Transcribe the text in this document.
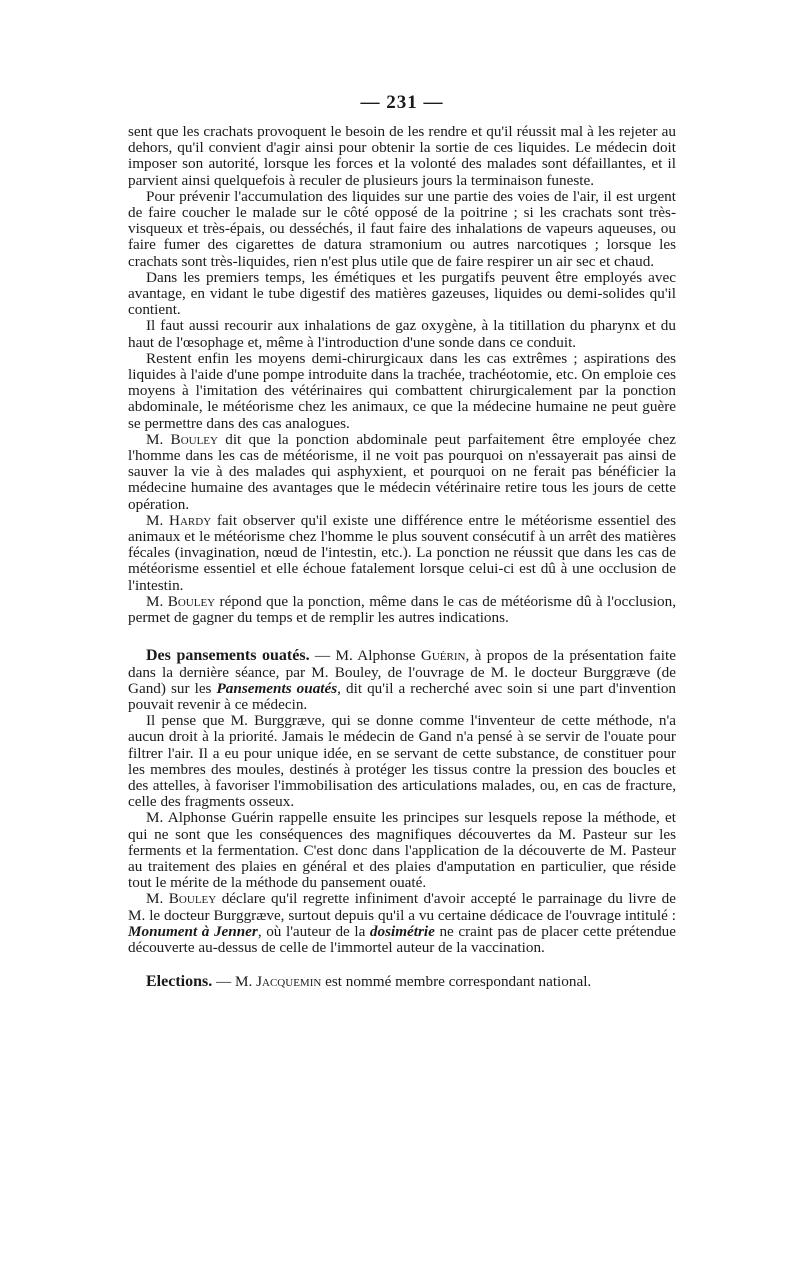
— 231 —

sent que les crachats provoquent le besoin de les rendre et qu'il réussit mal à les rejeter au dehors, qu'il convient d'agir ainsi pour obtenir la sortie de ces liquides. Le médecin doit imposer son autorité, lorsque les forces et la volonté des malades sont défaillantes, et il parvient ainsi quelquefois à reculer de plusieurs jours la terminaison funeste.

Pour prévenir l'accumulation des liquides sur une partie des voies de l'air, il est urgent de faire coucher le malade sur le côté opposé de la poitrine ; si les crachats sont très-visqueux et très-épais, ou desséchés, il faut faire des inhalations de vapeurs aqueuses, ou faire fumer des cigarettes de datura stramonium ou autres narcotiques ; lorsque les crachats sont très-liquides, rien n'est plus utile que de faire respirer un air sec et chaud.

Dans les premiers temps, les émétiques et les purgatifs peuvent être employés avec avantage, en vidant le tube digestif des matières gazeuses, liquides ou demi-solides qu'il contient.

Il faut aussi recourir aux inhalations de gaz oxygène, à la titillation du pharynx et du haut de l'œsophage et, même à l'introduction d'une sonde dans ce conduit.

Restent enfin les moyens demi-chirurgicaux dans les cas extrêmes ; aspirations des liquides à l'aide d'une pompe introduite dans la trachée, trachéotomie, etc. On emploie ces moyens à l'imitation des vétérinaires qui combattent chirurgicalement par la ponction abdominale, le météorisme chez les animaux, ce que la médecine humaine ne peut guère se permettre dans des cas analogues.

M. Bouley dit que la ponction abdominale peut parfaitement être employée chez l'homme dans les cas de météorisme, il ne voit pas pourquoi on n'essayerait pas ainsi de sauver la vie à des malades qui asphyxient, et pourquoi on ne ferait pas bénéficier la médecine humaine des avantages que le médecin vétérinaire retire tous les jours de cette opération.

M. Hardy fait observer qu'il existe une différence entre le météorisme essentiel des animaux et le météorisme chez l'homme le plus souvent consécutif à un arrêt des matières fécales (invagination, nœud de l'intestin, etc.). La ponction ne réussit que dans les cas de météorisme essentiel et elle échoue fatalement lorsque celui-ci est dû à une occlusion de l'intestin.

M. Bouley répond que la ponction, même dans le cas de météorisme dû à l'occlusion, permet de gagner du temps et de remplir les autres indications.

Des pansements ouatés. — M. Alphonse Guérin, à propos de la présentation faite dans la dernière séance, par M. Bouley, de l'ouvrage de M. le docteur Burggræve (de Gand) sur les Pansements ouatés, dit qu'il a recherché avec soin si une part d'invention pouvait revenir à ce médecin.

Il pense que M. Burggræve, qui se donne comme l'inventeur de cette méthode, n'a aucun droit à la priorité. Jamais le médecin de Gand n'a pensé à se servir de l'ouate pour filtrer l'air. Il a eu pour unique idée, en se servant de cette substance, de constituer pour les membres des moules, destinés à protéger les tissus contre la pression des boucles et des attelles, à favoriser l'immobilisation des articulations malades, ou, en cas de fracture, celle des fragments osseux.

M. Alphonse Guérin rappelle ensuite les principes sur lesquels repose la méthode, et qui ne sont que les conséquences des magnifiques découvertes da M. Pasteur sur les ferments et la fermentation. C'est donc dans l'application de la découverte de M. Pasteur au traitement des plaies en général et des plaies d'amputation en particulier, que réside tout le mérite de la méthode du pansement ouaté.

M. Bouley déclare qu'il regrette infiniment d'avoir accepté le parrainage du livre de M. le docteur Burggræve, surtout depuis qu'il a vu certaine dédicace de l'ouvrage intitulé : Monument à Jenner, où l'auteur de la dosimétrie ne craint pas de placer cette prétendue découverte au-dessus de celle de l'immortel auteur de la vaccination.

Elections. — M. Jacquemin est nommé membre correspondant national.
